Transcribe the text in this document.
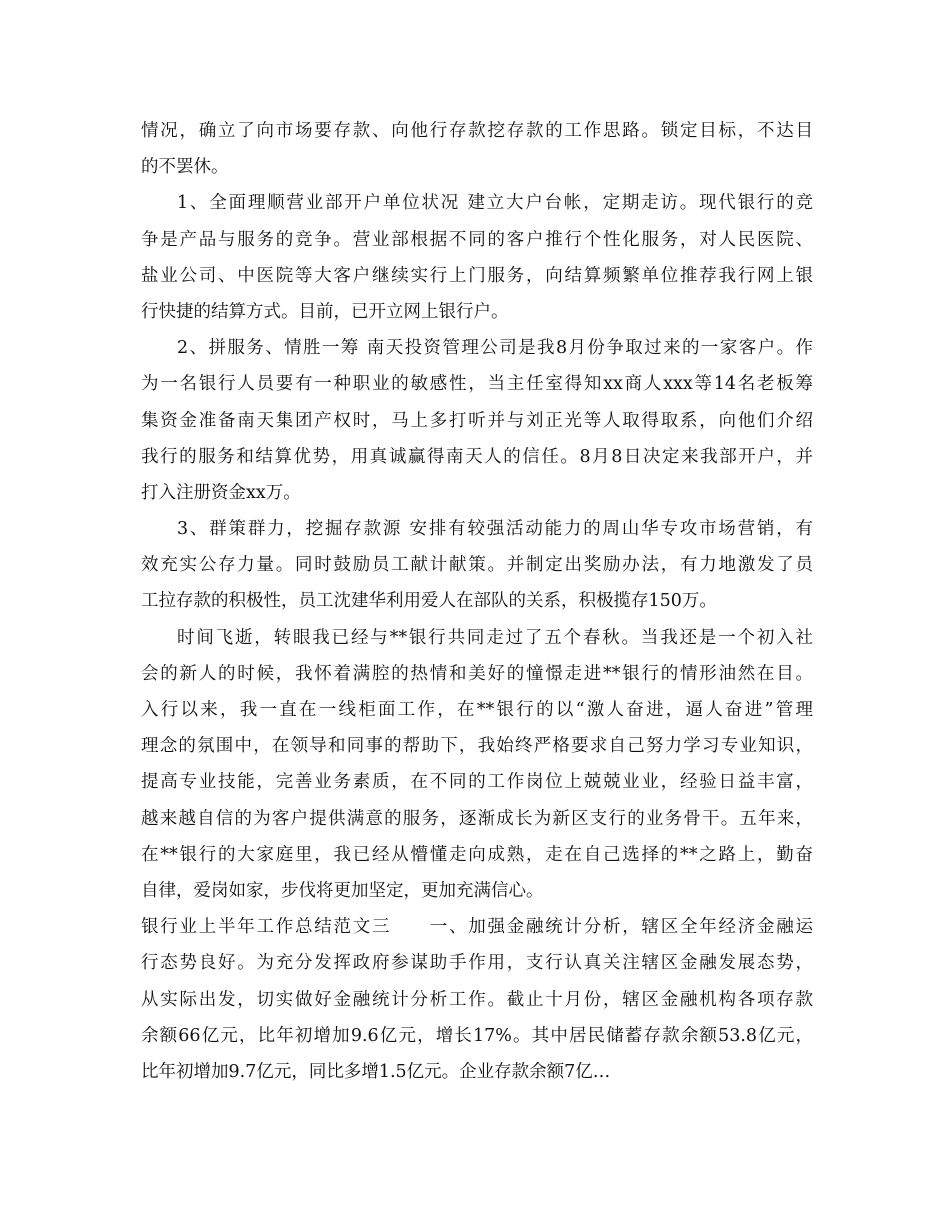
情况，确立了向市场要存款、向他行存款挖存款的工作思路。锁定目标，不达目
的不罢休。
1、全面理顺营业部开户单位状况 建立大户台帐，定期走访。现代银行的竞
争是产品与服务的竞争。营业部根据不同的客户推行个性化服务，对人民医院、
盐业公司、中医院等大客户继续实行上门服务，向结算频繁单位推荐我行网上银
行快捷的结算方式。目前，已开立网上银行户。
2、拼服务、情胜一筹 南天投资管理公司是我8月份争取过来的一家客户。作
为一名银行人员要有一种职业的敏感性，当主任室得知xx商人xxx等14名老板筹
集资金准备南天集团产权时，马上多打听并与刘正光等人取得取系，向他们介绍
我行的服务和结算优势，用真诚赢得南天人的信任。8月8日决定来我部开户，并
打入注册资金xx万。
3、群策群力，挖掘存款源 安排有较强活动能力的周山华专攻市场营销，有
效充实公存力量。同时鼓励员工献计献策。并制定出奖励办法，有力地激发了员
工拉存款的积极性，员工沈建华利用爱人在部队的关系，积极揽存150万。
时间飞逝，转眼我已经与**银行共同走过了五个春秋。当我还是一个初入社
会的新人的时候，我怀着满腔的热情和美好的憧憬走进**银行的情形油然在目。
入行以来，我一直在一线柜面工作，在**银行的以“激人奋进，逼人奋进”管理
理念的氛围中，在领导和同事的帮助下，我始终严格要求自己努力学习专业知识，
提高专业技能，完善业务素质，在不同的工作岗位上兢兢业业，经验日益丰富，
越来越自信的为客户提供满意的服务，逐渐成长为新区支行的业务骨干。五年来，
在**银行的大家庭里，我已经从懵懂走向成熟，走在自己选择的**之路上，勤奋
自律，爱岗如家，步伐将更加坚定，更加充满信心。
银行业上半年工作总结范文三　　一、加强金融统计分析，辖区全年经济金融运
行态势良好。为充分发挥政府参谋助手作用，支行认真关注辖区金融发展态势，
从实际出发，切实做好金融统计分析工作。截止十月份，辖区金融机构各项存款
余额66亿元，比年初增加9.6亿元，增长17%。其中居民储蓄存款余额53.8亿元，
比年初增加9.7亿元，同比多增1.5亿元。企业存款余额7亿…
